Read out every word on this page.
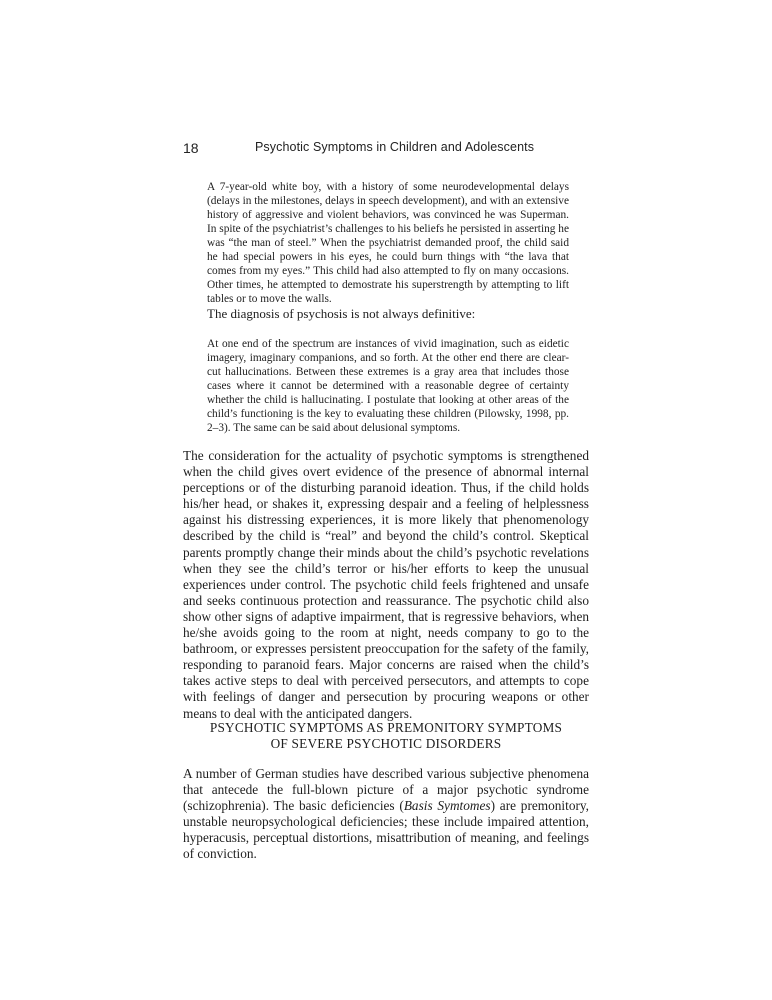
18	Psychotic Symptoms in Children and Adolescents

A 7-year-old white boy, with a history of some neurodevelopmental delays (delays in the milestones, delays in speech development), and with an extensive history of aggressive and violent behaviors, was convinced he was Superman. In spite of the psychiatrist’s challenges to his beliefs he persisted in asserting he was “the man of steel.” When the psychiatrist demanded proof, the child said he had special powers in his eyes, he could burn things with “the lava that comes from my eyes.” This child had also attempted to fly on many occasions. Other times, he attempted to demostrate his superstrength by attempting to lift tables or to move the walls.

The diagnosis of psychosis is not always definitive:

At one end of the spectrum are instances of vivid imagination, such as eidetic imagery, imaginary companions, and so forth. At the other end there are clear-cut hallucinations. Between these extremes is a gray area that includes those cases where it cannot be determined with a reasonable degree of certainty whether the child is hallucinating. I postulate that looking at other areas of the child’s functioning is the key to evaluating these children (Pilowsky, 1998, pp. 2–3). The same can be said about delusional symptoms.

The consideration for the actuality of psychotic symptoms is strengthened when the child gives overt evidence of the presence of abnormal internal perceptions or of the disturbing paranoid ideation. Thus, if the child holds his/her head, or shakes it, expressing despair and a feeling of helplessness against his distressing experiences, it is more likely that phenomenology described by the child is “real” and beyond the child’s control. Skeptical parents promptly change their minds about the child’s psychotic revelations when they see the child’s terror or his/her efforts to keep the unusual experiences under control. The psychotic child feels frightened and unsafe and seeks continuous protection and reassurance. The psychotic child also show other signs of adaptive impairment, that is regressive behaviors, when he/she avoids going to the room at night, needs company to go to the bathroom, or expresses persistent preoccupation for the safety of the family, responding to paranoid fears. Major concerns are raised when the child’s takes active steps to deal with perceived persecutors, and attempts to cope with feelings of danger and persecution by procuring weapons or other means to deal with the anticipated dangers.

PSYCHOTIC SYMPTOMS AS PREMONITORY SYMPTOMS
OF SEVERE PSYCHOTIC DISORDERS

A number of German studies have described various subjective phenomena that antecede the full-blown picture of a major psychotic syndrome (schizophrenia). The basic deficiencies (Basis Symtomes) are premonitory, unstable neuropsychological deficiencies; these include impaired attention, hyperacusis, perceptual distortions, misattribution of meaning, and feelings of conviction.
